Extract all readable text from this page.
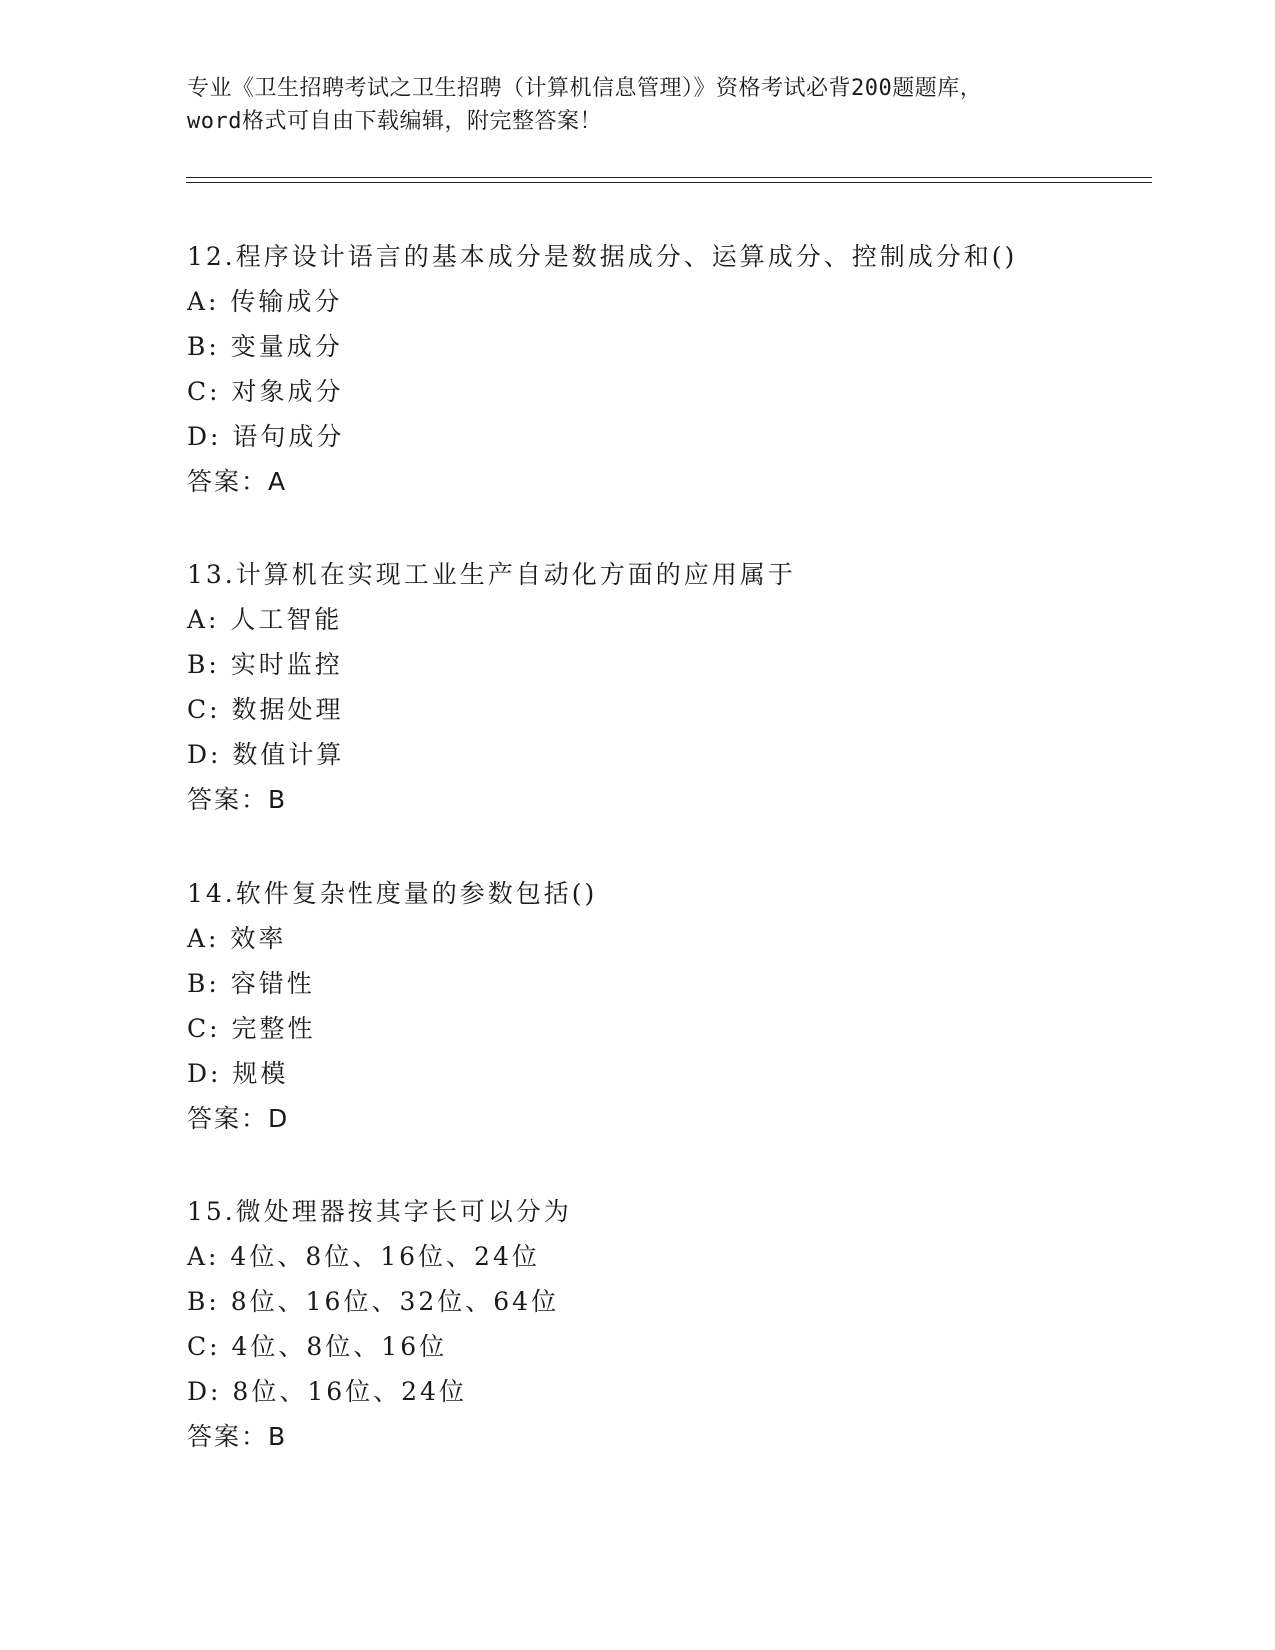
专业《卫生招聘考试之卫生招聘（计算机信息管理）》资格考试必背200题题库，
word格式可自由下载编辑，附完整答案！
12.程序设计语言的基本成分是数据成分、运算成分、控制成分和()
A: 传输成分
B: 变量成分
C: 对象成分
D: 语句成分
答案：A
13.计算机在实现工业生产自动化方面的应用属于
A: 人工智能
B: 实时监控
C: 数据处理
D: 数值计算
答案：B
14.软件复杂性度量的参数包括()
A: 效率
B: 容错性
C: 完整性
D: 规模
答案：D
15.微处理器按其字长可以分为
A: 4位、8位、16位、24位
B: 8位、16位、32位、64位
C: 4位、8位、16位
D: 8位、16位、24位
答案：B
